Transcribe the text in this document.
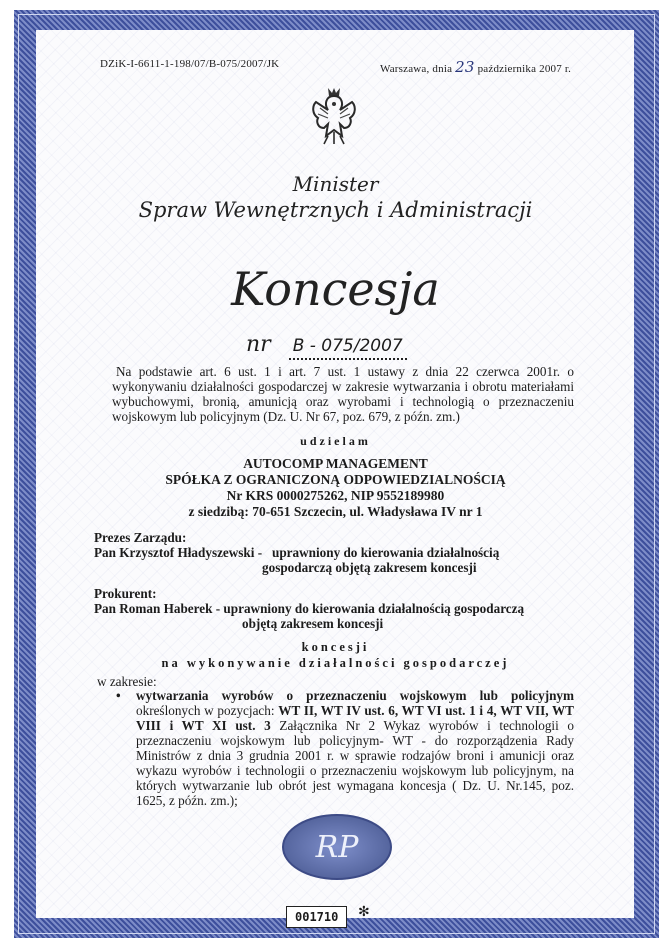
DZiK-I-6611-1-198/07/B-075/2007/JK	Warszawa, dnia 23 października 2007 r.
Minister
Spraw Wewnętrznych i Administracji
Koncesja
nr B - 075/2007
Na podstawie art. 6 ust. 1 i art. 7 ust. 1 ustawy z dnia 22 czerwca 2001r. o wykonywaniu działalności gospodarczej w zakresie wytwarzania i obrotu materiałami wybuchowymi, bronią, amunicją oraz wyrobami i technologią o przeznaczeniu wojskowym lub policyjnym (Dz. U. Nr 67, poz. 679, z późn. zm.)
udzielam
AUTOCOMP MANAGEMENT
SPÓŁKA Z OGRANICZONĄ ODPOWIEDZIALNOŚCIĄ
Nr KRS 0000275262, NIP 9552189980
z siedzibą: 70-651 Szczecin, ul. Władysława IV nr 1
Prezes Zarządu:
Pan Krzysztof Hładyszewski -   uprawniony do kierowania działalnością
gospodarczą objętą zakresem koncesji
Prokurent:
Pan Roman Haberek - uprawniony do kierowania działalnością gospodarczą
objętą zakresem koncesji
koncesji
na wykonywanie działalności gospodarczej
w zakresie:
• wytwarzania wyrobów o przeznaczeniu wojskowym lub policyjnym określonych w pozycjach: WT II, WT IV ust. 6, WT VI ust. 1 i 4, WT VII, WT VIII i WT XI ust. 3 Załącznika Nr 2 Wykaz wyrobów i technologii o przeznaczeniu wojskowym lub policyjnym- WT - do rozporządzenia Rady Ministrów z dnia 3 grudnia 2001 r. w sprawie rodzajów broni i amunicji oraz wykazu wyrobów i technologii o przeznaczeniu wojskowym lub policyjnym, na których wytwarzanie lub obrót jest wymagana koncesja ( Dz. U. Nr.145, poz. 1625, z późn. zm.);
RP
001710	✻
